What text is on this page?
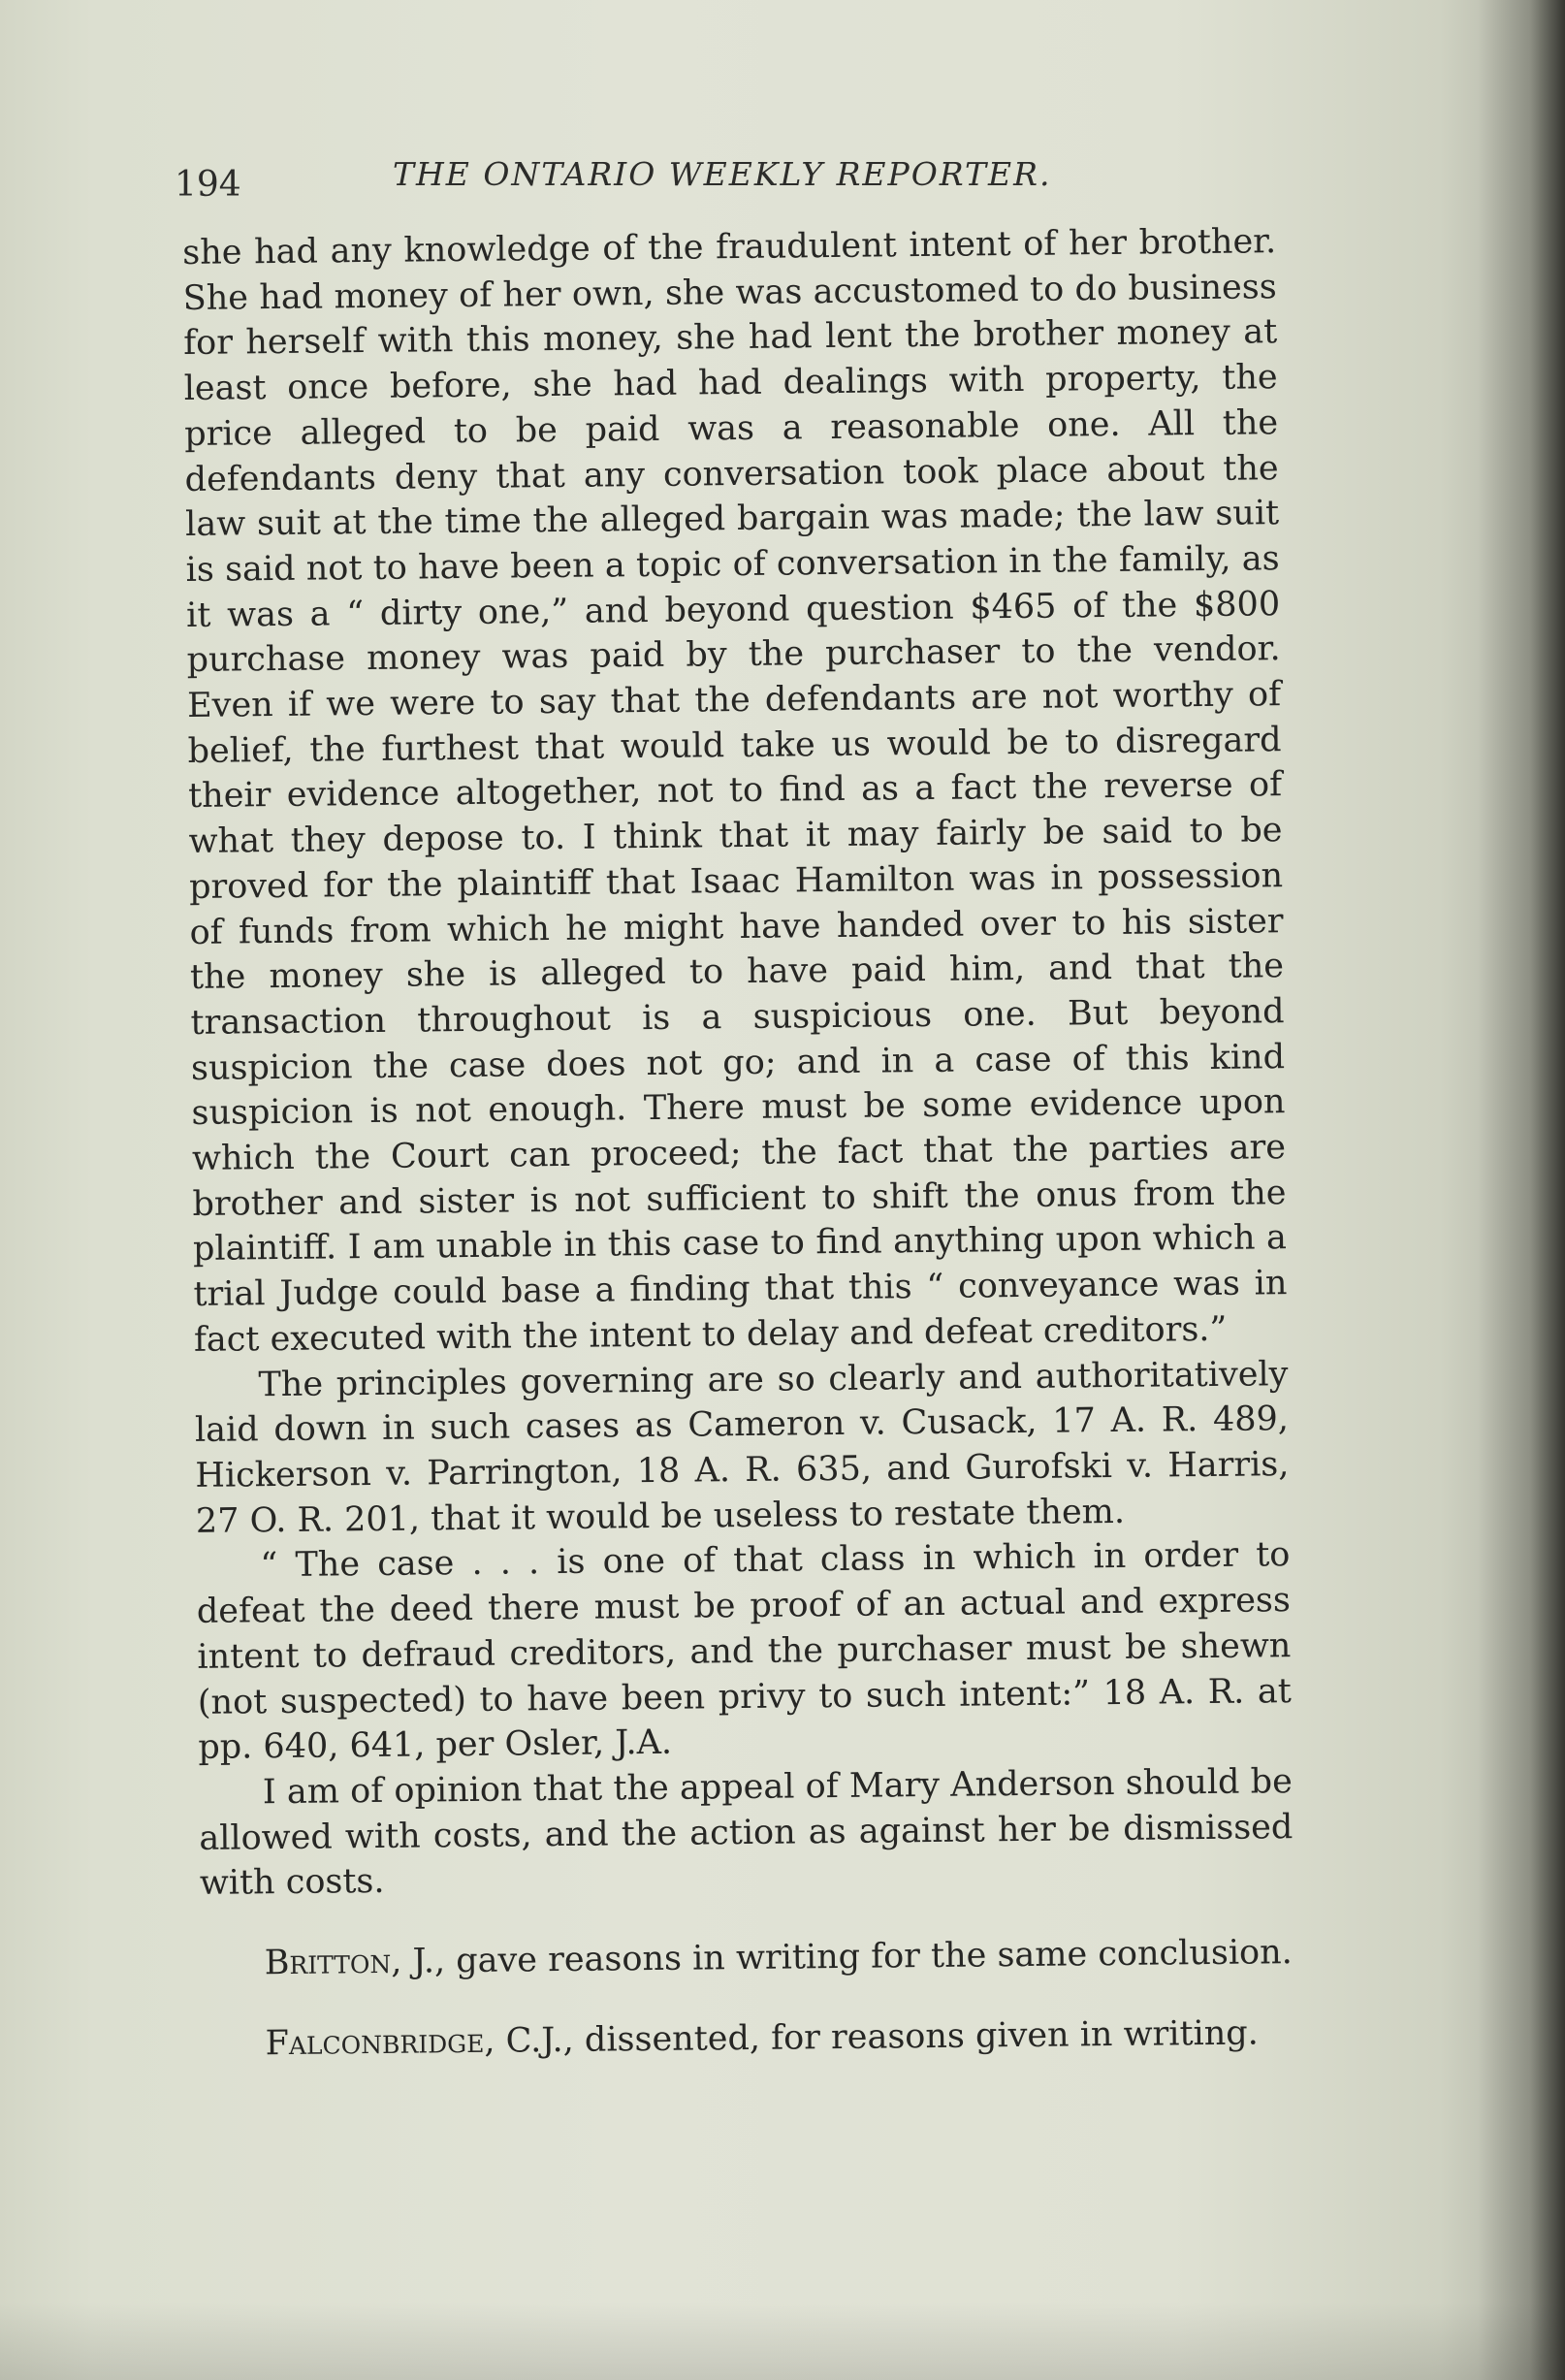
194	THE ONTARIO WEEKLY REPORTER.

she had any knowledge of the fraudulent intent of her brother. She had money of her own, she was accustomed to do business for herself with this money, she had lent the brother money at least once before, she had had dealings with property, the price alleged to be paid was a reasonable one. All the defendants deny that any conversation took place about the law suit at the time the alleged bargain was made; the law suit is said not to have been a topic of conversation in the family, as it was a “ dirty one,” and beyond question $465 of the $800 purchase money was paid by the purchaser to the vendor. Even if we were to say that the defendants are not worthy of belief, the furthest that would take us would be to disregard their evidence altogether, not to find as a fact the reverse of what they depose to. I think that it may fairly be said to be proved for the plaintiff that Isaac Hamilton was in possession of funds from which he might have handed over to his sister the money she is alleged to have paid him, and that the transaction throughout is a suspicious one. But beyond suspicion the case does not go; and in a case of this kind suspicion is not enough. There must be some evidence upon which the Court can proceed; the fact that the parties are brother and sister is not sufficient to shift the onus from the plaintiff. I am unable in this case to find anything upon which a trial Judge could base a finding that this “ conveyance was in fact executed with the intent to delay and defeat creditors.”

The principles governing are so clearly and authoritatively laid down in such cases as Cameron v. Cusack, 17 A. R. 489, Hickerson v. Parrington, 18 A. R. 635, and Gurofski v. Harris, 27 O. R. 201, that it would be useless to restate them.

“ The case . . . is one of that class in which in order to defeat the deed there must be proof of an actual and express intent to defraud creditors, and the purchaser must be shewn (not suspected) to have been privy to such intent:” 18 A. R. at pp. 640, 641, per Osler, J.A.

I am of opinion that the appeal of Mary Anderson should be allowed with costs, and the action as against her be dismissed with costs.

Britton, J., gave reasons in writing for the same conclusion.

Falconbridge, C.J., dissented, for reasons given in writing.
